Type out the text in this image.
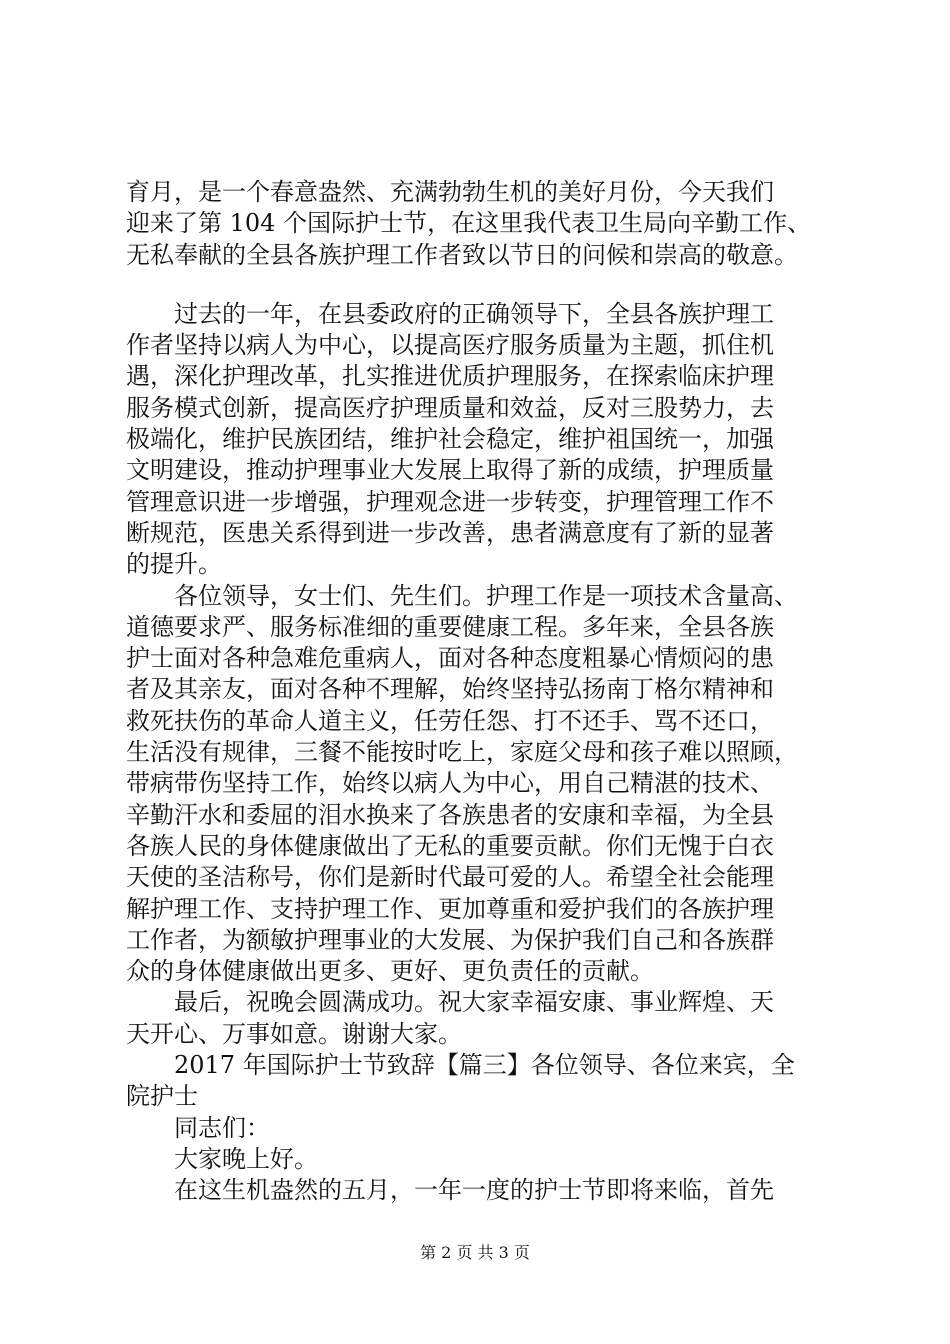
育月，是一个春意盎然、充满勃勃生机的美好月份，今天我们
迎来了第 104 个国际护士节，在这里我代表卫生局向辛勤工作、
无私奉献的全县各族护理工作者致以节日的问候和崇高的敬意。
　　过去的一年，在县委政府的正确领导下，全县各族护理工
作者坚持以病人为中心，以提高医疗服务质量为主题，抓住机
遇，深化护理改革，扎实推进优质护理服务，在探索临床护理
服务模式创新，提高医疗护理质量和效益，反对三股势力，去
极端化，维护民族团结，维护社会稳定，维护祖国统一，加强
文明建设，推动护理事业大发展上取得了新的成绩，护理质量
管理意识进一步增强，护理观念进一步转变，护理管理工作不
断规范，医患关系得到进一步改善，患者满意度有了新的显著
的提升。
　　各位领导，女士们、先生们。护理工作是一项技术含量高、
道德要求严、服务标准细的重要健康工程。多年来，全县各族
护士面对各种急难危重病人，面对各种态度粗暴心情烦闷的患
者及其亲友，面对各种不理解，始终坚持弘扬南丁格尔精神和
救死扶伤的革命人道主义，任劳任怨、打不还手、骂不还口，
生活没有规律，三餐不能按时吃上，家庭父母和孩子难以照顾，
带病带伤坚持工作，始终以病人为中心，用自己精湛的技术、
辛勤汗水和委屈的泪水换来了各族患者的安康和幸福，为全县
各族人民的身体健康做出了无私的重要贡献。你们无愧于白衣
天使的圣洁称号，你们是新时代最可爱的人。希望全社会能理
解护理工作、支持护理工作、更加尊重和爱护我们的各族护理
工作者，为额敏护理事业的大发展、为保护我们自己和各族群
众的身体健康做出更多、更好、更负责任的贡献。
　　最后，祝晚会圆满成功。祝大家幸福安康、事业辉煌、天
天开心、万事如意。谢谢大家。
　　2017 年国际护士节致辞【篇三】各位领导、各位来宾，全
院护士
　　同志们：
　　大家晚上好。
　　在这生机盎然的五月，一年一度的护士节即将来临，首先
第 2 页 共 3 页
